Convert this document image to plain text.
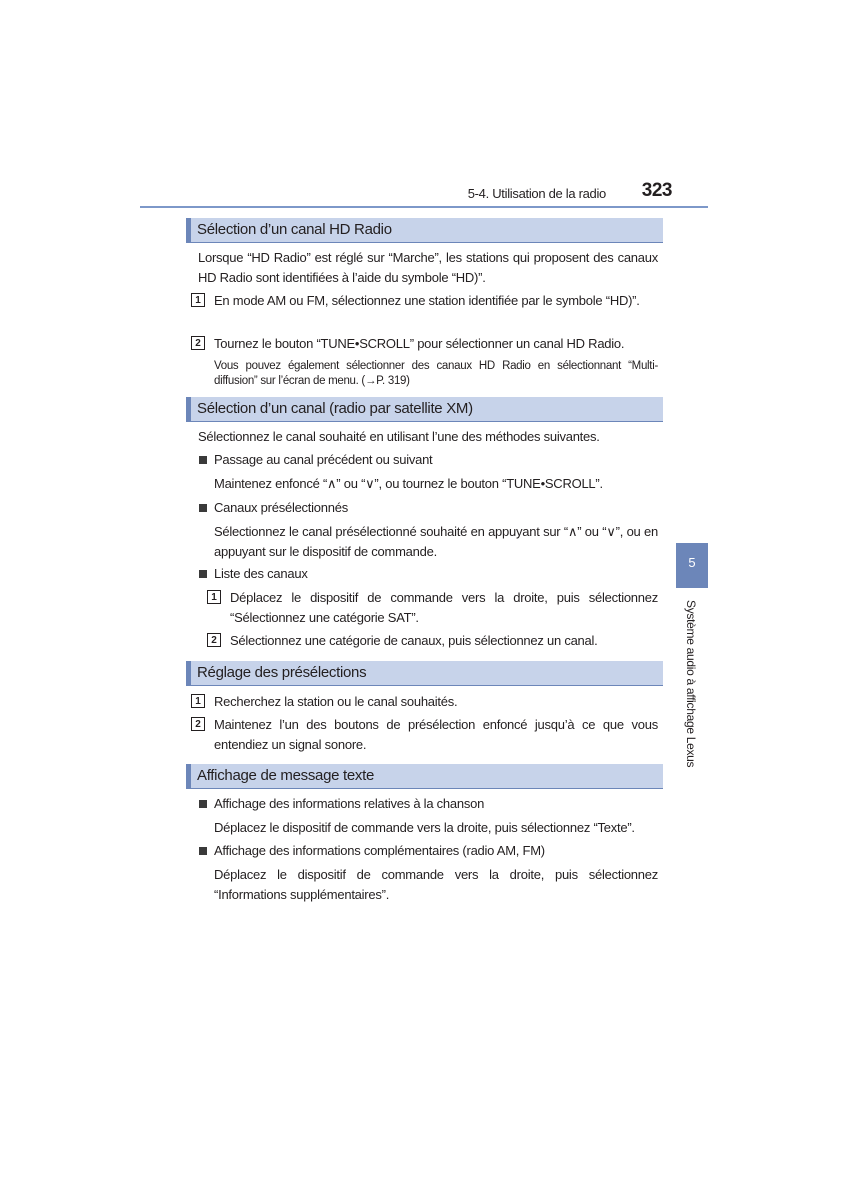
5-4. Utilisation de la radio	323
Sélection d’un canal HD Radio
Lorsque “HD Radio” est réglé sur “Marche”, les stations qui proposent des canaux HD Radio sont identifiées à l’aide du symbole “HD)”.
1	En mode AM ou FM, sélectionnez une station identifiée par le symbole “HD)”.
2	Tournez le bouton “TUNE•SCROLL” pour sélectionner un canal HD Radio.
Vous pouvez également sélectionner des canaux HD Radio en sélectionnant “Multi-diffusion” sur l’écran de menu. (→P. 319)
Sélection d’un canal (radio par satellite XM)
Sélectionnez le canal souhaité en utilisant l’une des méthodes suivantes.
Passage au canal précédent ou suivant
Maintenez enfoncé “∧” ou “∨”, ou tournez le bouton “TUNE•SCROLL”.
Canaux présélectionnés
Sélectionnez le canal présélectionné souhaité en appuyant sur “∧” ou “∨”, ou en appuyant sur le dispositif de commande.
Liste des canaux
1	Déplacez le dispositif de commande vers la droite, puis sélectionnez “Sélectionnez une catégorie SAT”.
2	Sélectionnez une catégorie de canaux, puis sélectionnez un canal.
Réglage des présélections
1	Recherchez la station ou le canal souhaités.
2	Maintenez l’un des boutons de présélection enfoncé jusqu’à ce que vous entendiez un signal sonore.
Affichage de message texte
Affichage des informations relatives à la chanson
Déplacez le dispositif de commande vers la droite, puis sélectionnez “Texte”.
Affichage des informations complémentaires (radio AM, FM)
Déplacez le dispositif de commande vers la droite, puis sélectionnez “Informations supplémentaires”.
5
Système audio à affichage Lexus
